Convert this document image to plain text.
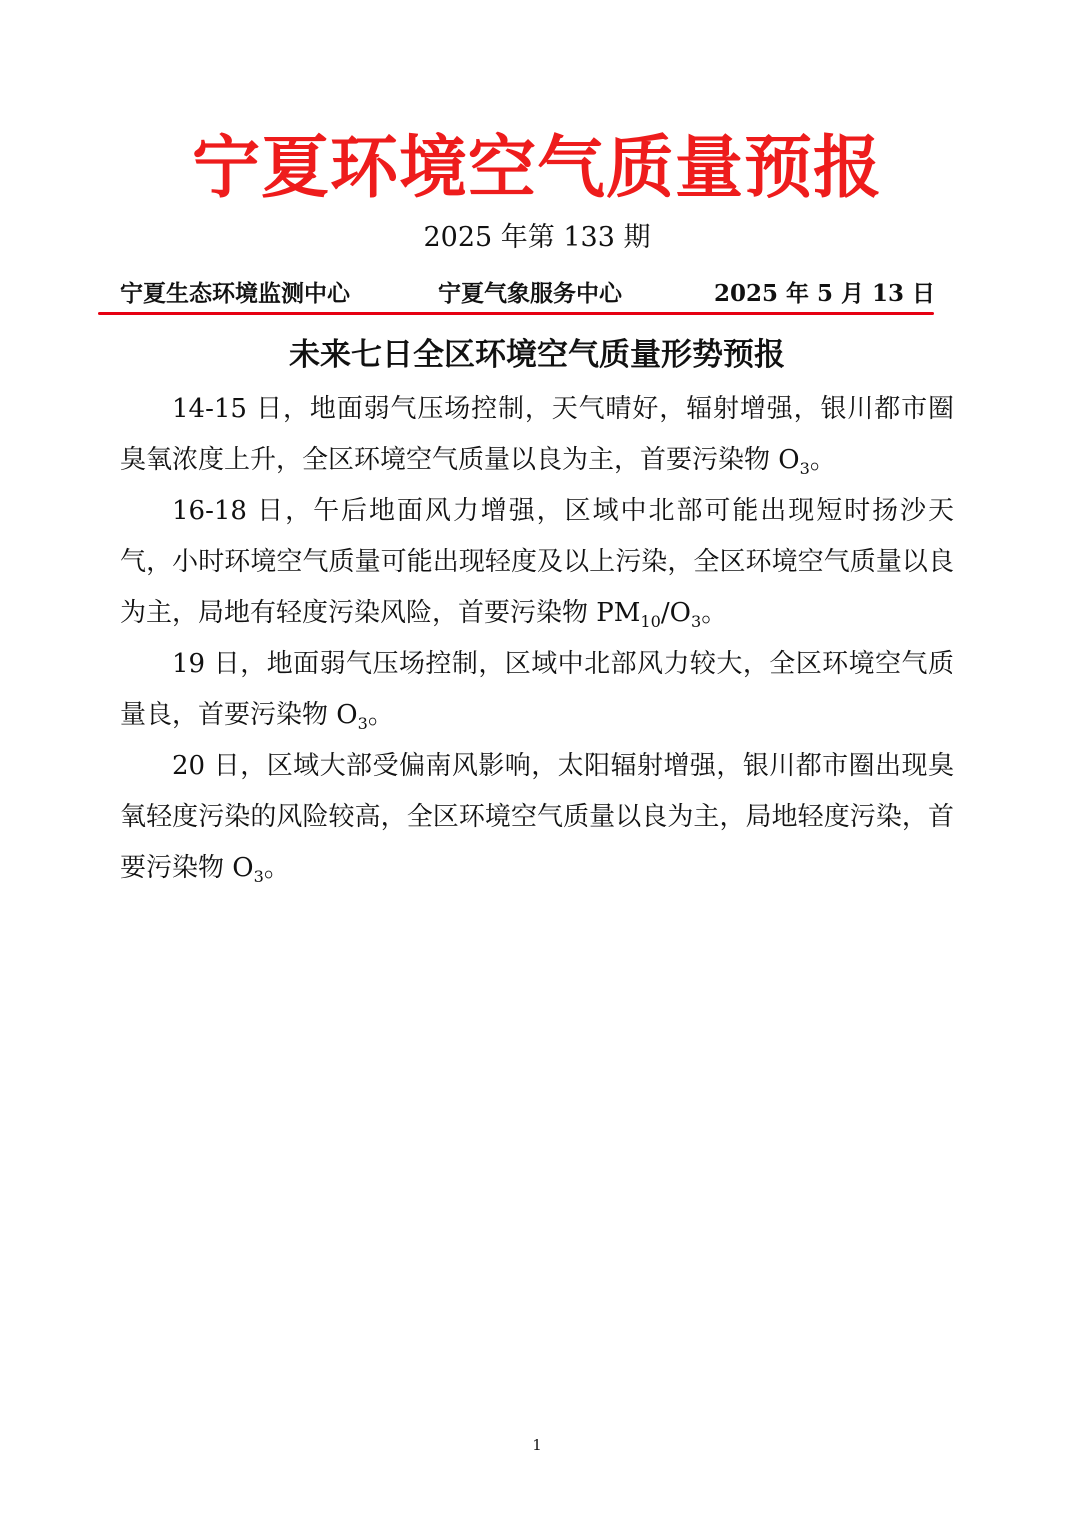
宁夏环境空气质量预报
2025 年第 133 期
宁夏生态环境监测中心	宁夏气象服务中心	2025 年 5 月 13 日
未来七日全区环境空气质量形势预报

14-15 日，地面弱气压场控制，天气晴好，辐射增强，银川都市圈臭氧浓度上升，全区环境空气质量以良为主，首要污染物 $O_3$。

16-18 日，午后地面风力增强，区域中北部可能出现短时扬沙天气，小时环境空气质量可能出现轻度及以上污染，全区环境空气质量以良为主，局地有轻度污染风险，首要污染物 $PM_{10}/O_3$。

19 日，地面弱气压场控制，区域中北部风力较大，全区环境空气质量良，首要污染物 $O_3$。

20 日，区域大部受偏南风影响，太阳辐射增强，银川都市圈出现臭氧轻度污染的风险较高，全区环境空气质量以良为主，局地轻度污染，首要污染物 $O_3$。

1
